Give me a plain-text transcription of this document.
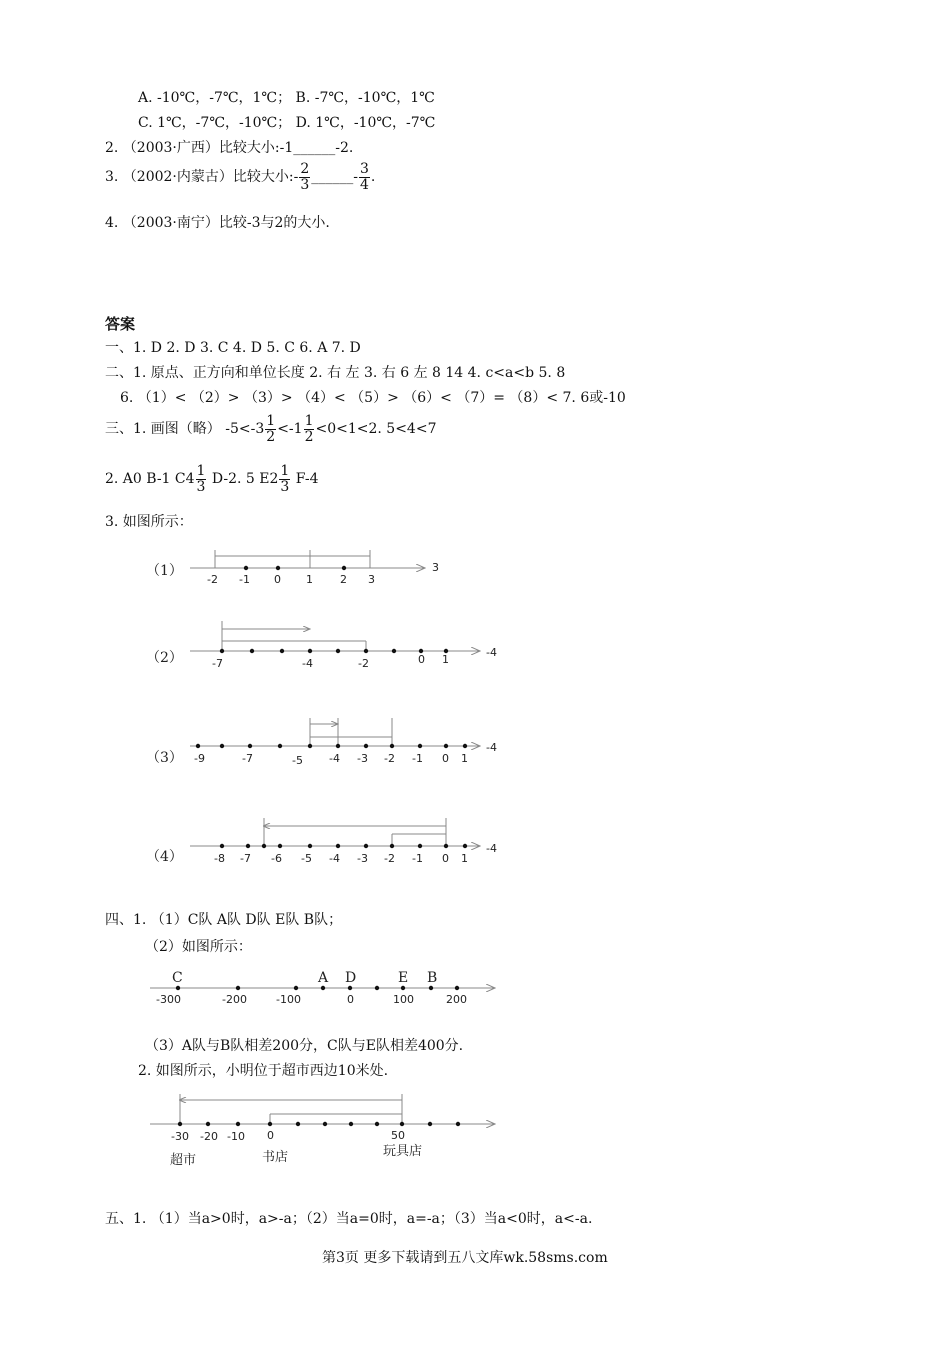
A. -10℃，-7℃，1℃； B. -7℃，-10℃，1℃
C. 1℃，-7℃，-10℃； D. 1℃，-10℃，-7℃
2. （2003·广西）比较大小:-1______-2.
3. （2002·内蒙古）比较大小:- $\frac{2}{3}$ ______- $\frac{3}{4}$ .
4. （2003·南宁）比较-3与2的大小.
答案
一、1. D 2. D 3. C 4. D 5. C 6. A 7. D
二、1. 原点、正方向和单位长度 2. 右 左 3. 右 6 左 8 14 4. c<a<b 5. 8
6. （1）< （2）> （3）> （4）< （5）> （6）< （7）= （8）< 7. 6或-10
三、1. 画图（略） $-5<-3 \frac{1}{2} <-1 \frac{1}{2} <0<1<2$. 5<4<7
2. A0 B-1 $C4 \frac{1}{3} D-2$. 5 $E2 \frac{1}{3} F-4$
3. 如图所示：
（1）
-2 -1 0 1 2 3
3
（2）	-7	-4	-2	0 1
-4
（3） -9	-7	-5 -4 -3 -2 -1 0 1
-4
（4）	-8 -7 -6 -5 -4 -3 -2 -1 0 1
-4
四、1. （1）C队 A队 D队 E队 B队；
（2）如图所示：
C	A D	E B
-300	-200	-100	0	100	200
-30 -20 -10 0	50
超市	书店	玩具店
（3）A队与B队相差200分，C队与E队相差400分.
2. 如图所示，小明位于超市西边10米处.
五、1. （1）当a>0时，a>-a；（2）当a=0时，a=-a；（3）当a<0时，a<-a.
第3页 更多下载请到五八文库wk.58sms.com
